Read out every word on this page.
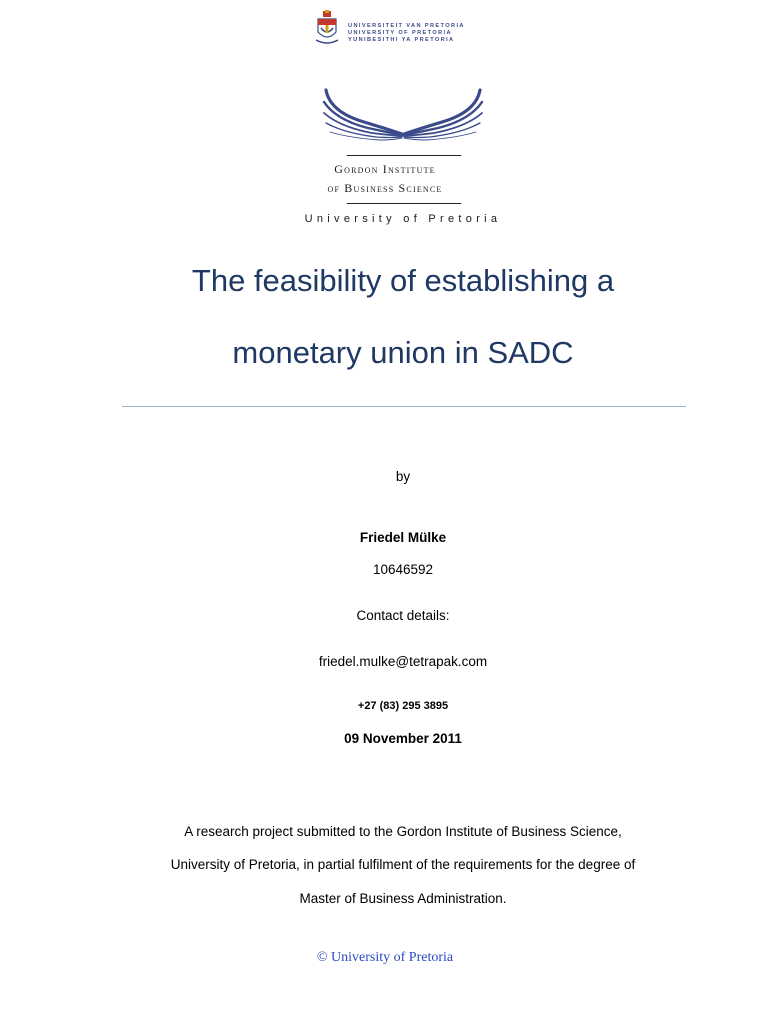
UNIVERSITEIT VAN PRETORIA
UNIVERSITY OF PRETORIA
YUNIBESITHI YA PRETORIA
Gordon Institute
of Business Science
University of Pretoria
The feasibility of establishing a
monetary union in SADC
by
Friedel Mülke
10646592
Contact details:
friedel.mulke@tetrapak.com
+27 (83) 295 3895
09 November 2011
A research project submitted to the Gordon Institute of Business Science,
University of Pretoria, in partial fulfilment of the requirements for the degree of
Master of Business Administration.
© University of Pretoria
